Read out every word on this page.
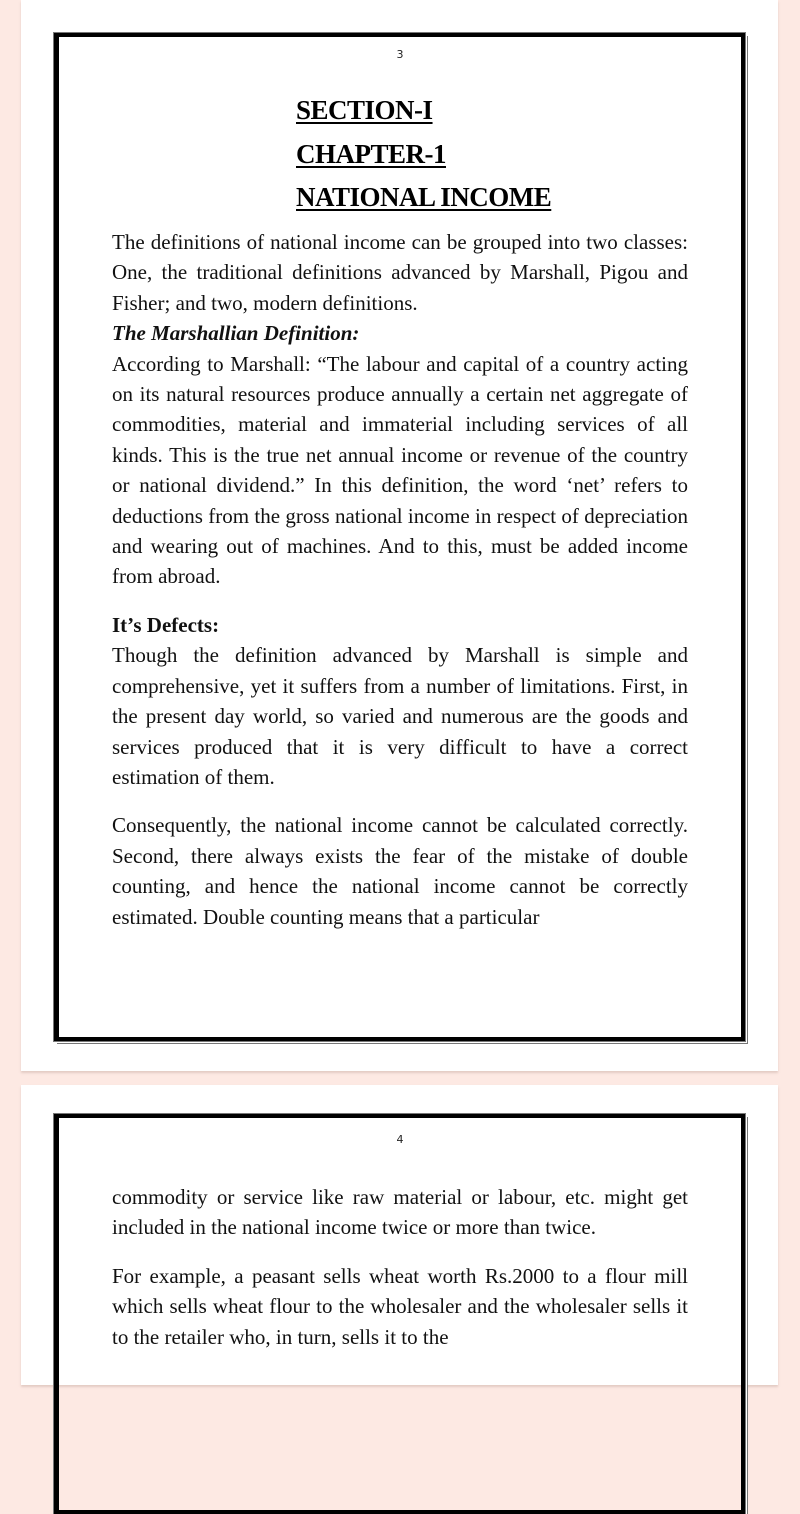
3
SECTION-I
CHAPTER-1
NATIONAL INCOME

The definitions of national income can be grouped into two classes: One, the traditional definitions advanced by Marshall, Pigou and Fisher; and two, modern definitions.

The Marshallian Definition:

According to Marshall: “The labour and capital of a country acting on its natural resources produce annually a certain net aggregate of commodities, material and immaterial including services of all kinds. This is the true net annual income or revenue of the country or national dividend.” In this definition, the word ‘net’ refers to deductions from the gross national income in respect of depreciation and wearing out of machines. And to this, must be added income from abroad.

It’s Defects:

Though the definition advanced by Marshall is simple and comprehensive, yet it suffers from a number of limitations. First, in the present day world, so varied and numerous are the goods and services produced that it is very difficult to have a correct estimation of them.

Consequently, the national income cannot be calculated correctly. Second, there always exists the fear of the mistake of double counting, and hence the national income cannot be correctly estimated. Double counting means that a particular

4

commodity or service like raw material or labour, etc. might get included in the national income twice or more than twice.

For example, a peasant sells wheat worth Rs.2000 to a flour mill which sells wheat flour to the wholesaler and the wholesaler sells it to the retailer who, in turn, sells it to the
